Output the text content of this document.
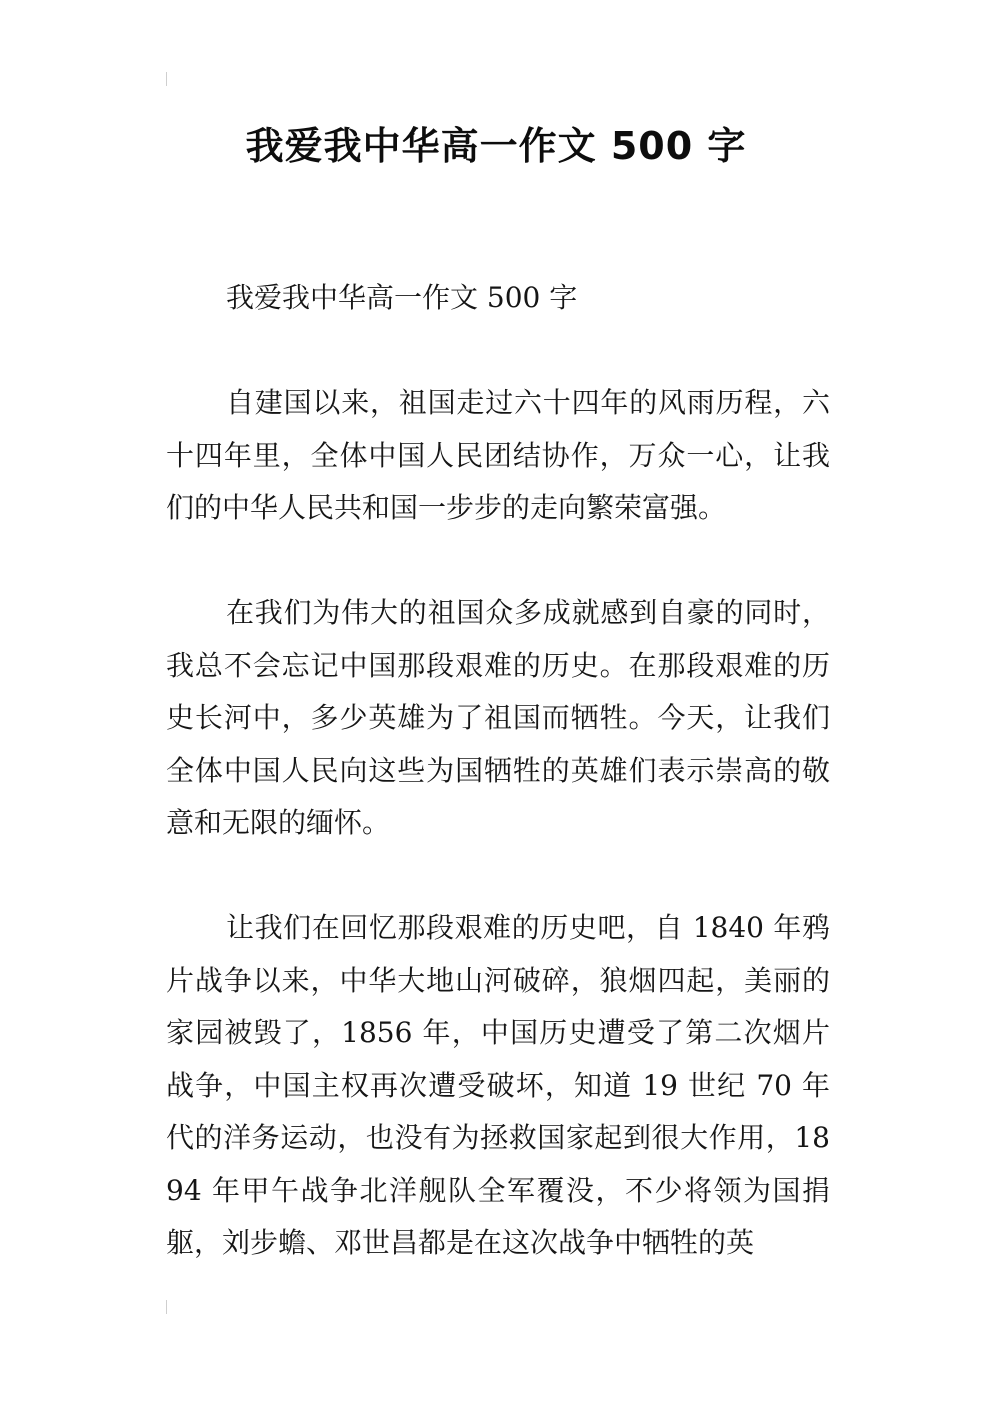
我爱我中华高一作文 500 字

我爱我中华高一作文 500 字

自建国以来，祖国走过六十四年的风雨历程，六十四年里，全体中国人民团结协作，万众一心，让我们的中华人民共和国一步步的走向繁荣富强。

在我们为伟大的祖国众多成就感到自豪的同时，我总不会忘记中国那段艰难的历史。在那段艰难的历史长河中，多少英雄为了祖国而牺牲。今天，让我们全体中国人民向这些为国牺牲的英雄们表示崇高的敬意和无限的缅怀。

让我们在回忆那段艰难的历史吧，自 1840 年鸦片战争以来，中华大地山河破碎，狼烟四起，美丽的家园被毁了，1856 年，中国历史遭受了第二次烟片战争，中国主权再次遭受破坏，知道 19 世纪 70 年代的洋务运动，也没有为拯救国家起到很大作用，1894 年甲午战争北洋舰队全军覆没，不少将领为国捐躯，刘步蟾、邓世昌都是在这次战争中牺牲的英
